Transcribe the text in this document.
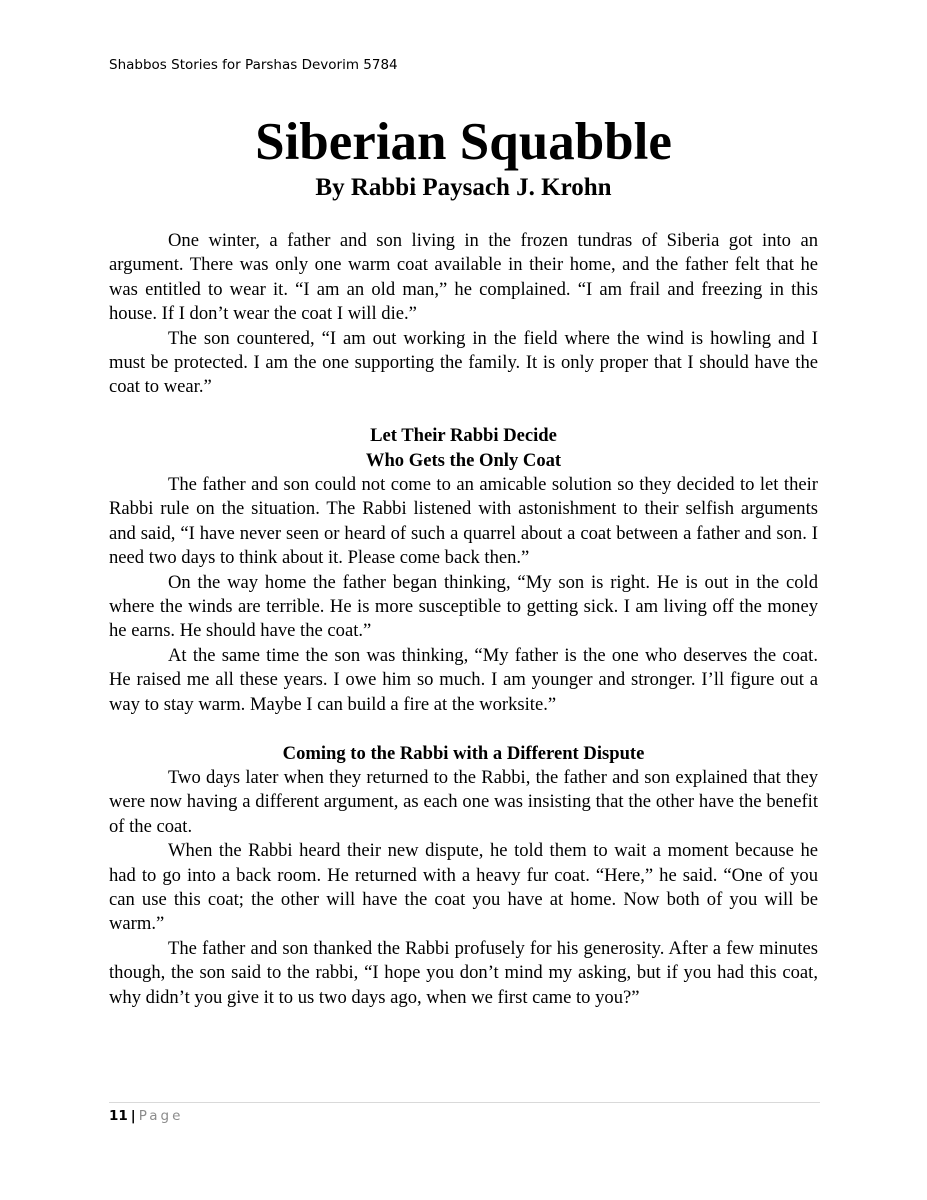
Shabbos Stories for Parshas Devorim 5784
Siberian Squabble
By Rabbi Paysach J. Krohn

One winter, a father and son living in the frozen tundras of Siberia got into an argument. There was only one warm coat available in their home, and the father felt that he was entitled to wear it. “I am an old man,” he complained. “I am frail and freezing in this house. If I don’t wear the coat I will die.”

The son countered, “I am out working in the field where the wind is howling and I must be protected. I am the one supporting the family. It is only proper that I should have the coat to wear.”

Let Their Rabbi Decide
Who Gets the Only Coat

The father and son could not come to an amicable solution so they decided to let their Rabbi rule on the situation. The Rabbi listened with astonishment to their selfish arguments and said, “I have never seen or heard of such a quarrel about a coat between a father and son. I need two days to think about it. Please come back then.”

On the way home the father began thinking, “My son is right. He is out in the cold where the winds are terrible. He is more susceptible to getting sick. I am living off the money he earns. He should have the coat.”

At the same time the son was thinking, “My father is the one who deserves the coat. He raised me all these years. I owe him so much. I am younger and stronger. I’ll figure out a way to stay warm. Maybe I can build a fire at the worksite.”

Coming to the Rabbi with a Different Dispute

Two days later when they returned to the Rabbi, the father and son explained that they were now having a different argument, as each one was insisting that the other have the benefit of the coat.

When the Rabbi heard their new dispute, he told them to wait a moment because he had to go into a back room. He returned with a heavy fur coat. “Here,” he said. “One of you can use this coat; the other will have the coat you have at home. Now both of you will be warm.”

The father and son thanked the Rabbi profusely for his generosity. After a few minutes though, the son said to the rabbi, “I hope you don’t mind my asking, but if you had this coat, why didn’t you give it to us two days ago, when we first came to you?”

11 | Page
